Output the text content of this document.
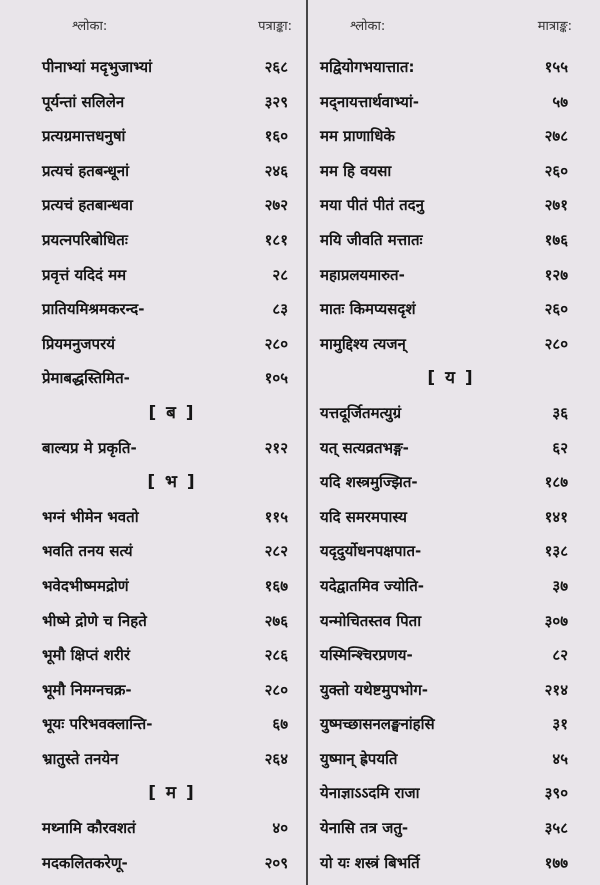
श्लोका:	पत्राङ्का:
पीनाभ्यां मदृभुजाभ्यां	२६८
पूर्यन्तां सलिलेन	३२९
प्रत्यग्रमात्तधनुषां	१६०
प्रत्यचं हतबन्धूनां	२४६
प्रत्यचं हतबान्धवा	२७२
प्रयत्नपरिबोधितः	१८१
प्रवृत्तं यदिदं मम	२८
प्रातियमिश्रमकरन्द-	८३
प्रियमनुजपरयं	२८०
प्रेमाबद्धस्तिमित-	१०५
[ ब ]
बाल्यप्र मे प्रकृति-	२१२
[ भ ]
भग्नं भीमेन भवतो	११५
भवति तनय सत्यं	२८२
भवेदभीष्ममद्रोणं	१६७
भीष्मे द्रोणे च निहते	२७६
भूमौ क्षिप्तं शरीरं	२८६
भूमौ निमग्नचक्र-	२८०
भूयः परिभवक्लान्ति-	६७
भ्रातुस्ते तनयेन	२६४
[ म ]
मथ्नामि कौरवशतं	४०
मदकलितकरेणू-	२०९
श्लोका:	मात्राङ्क:
मद्वियोगभयात्तात:	१५५
मद्नायत्तार्थवाभ्यां-	५७
मम प्राणाधिके	२७८
मम हि वयसा	२६०
मया पीतं पीतं तदनु	२७१
मयि जीवति मत्तातः	१७६
महाप्रलयमारुत-	१२७
मातः किमप्यसदृशं	२६०
मामुद्दिश्य त्यजन्	२८०
[ य ]
यत्तदूर्जितमत्युग्रं	३६
यत् सत्यव्रतभङ्ग-	६२
यदि शस्त्रमुज्झित-	१८७
यदि समरमपास्य	१४१
यदृदुर्योधनपक्षपात-	१३८
यदेद्वातमिव ज्योति-	३७
यन्मोचितस्तव पिता	३०७
यस्मिन्श्चिरप्रणय-	८२
युक्तो यथेष्टमुपभोग-	२१४
युष्मच्छासनलङ्घनांहसि	३१
युष्मान् ह्रेपयति	४५
येनाज्ञाऽऽदमि राजा	३९०
येनासि तत्र जतु-	३५८
यो यः शस्त्रं बिभर्ति	१७७
